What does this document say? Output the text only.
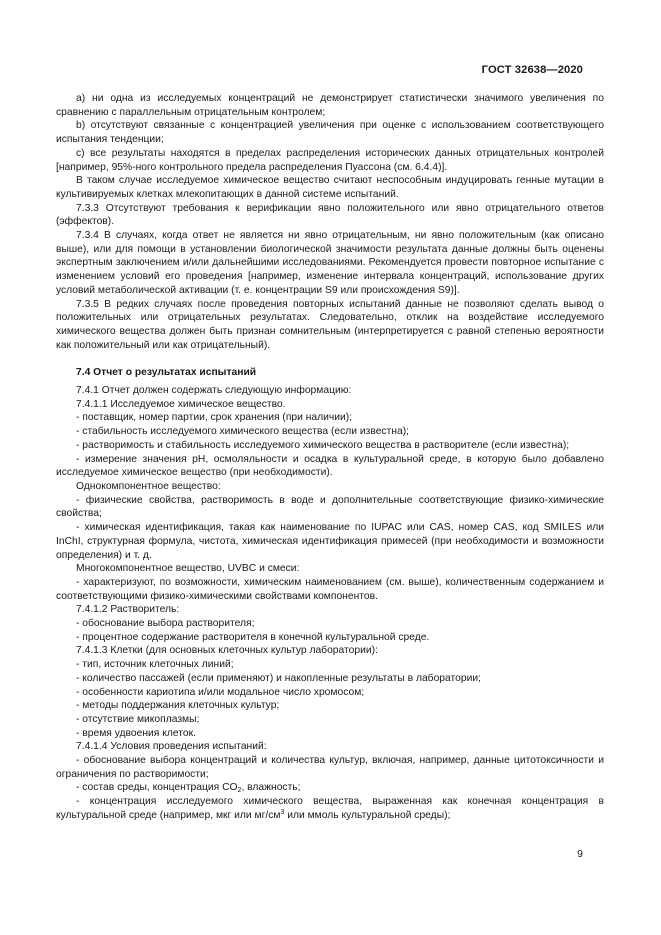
ГОСТ 32638—2020

а) ни одна из исследуемых концентраций не демонстрирует статистически значимого увеличения по сравнению с параллельным отрицательным контролем;

b) отсутствуют связанные с концентрацией увеличения при оценке с использованием соответствующего испытания тенденции;

с) все результаты находятся в пределах распределения исторических данных отрицательных контролей [например, 95%-ного контрольного предела распределения Пуассона (см. 6.4.4)].

В таком случае исследуемое химическое вещество считают неспособным индуцировать генные мутации в культивируемых клетках млекопитающих в данной системе испытаний.

7.3.3 Отсутствуют требования к верификации явно положительного или явно отрицательного ответов (эффектов).

7.3.4 В случаях, когда ответ не является ни явно отрицательным, ни явно положительным (как описано выше), или для помощи в установлении биологической значимости результата данные должны быть оценены экспертным заключением и/или дальнейшими исследованиями. Рекомендуется провести повторное испытание с изменением условий его проведения [например, изменение интервала концентраций, использование других условий метаболической активации (т. е. концентрации S9 или происхождения S9)].

7.3.5 В редких случаях после проведения повторных испытаний данные не позволяют сделать вывод о положительных или отрицательных результатах. Следовательно, отклик на воздействие исследуемого химического вещества должен быть признан сомнительным (интерпретируется с равной степенью вероятности как положительный или как отрицательный).

7.4 Отчет о результатах испытаний

7.4.1 Отчет должен содержать следующую информацию:

7.4.1.1 Исследуемое химическое вещество.

- поставщик, номер партии, срок хранения (при наличии);

- стабильность исследуемого химического вещества (если известна);

- растворимость и стабильность исследуемого химического вещества в растворителе (если известна);

- измерение значения pH, осмоляльности и осадка в культуральной среде, в которую было добавлено исследуемое химическое вещество (при необходимости).

Однокомпонентное вещество:

- физические свойства, растворимость в воде и дополнительные соответствующие физико-химические свойства;

- химическая идентификация, такая как наименование по IUPAC или CAS, номер CAS, код SMILES или InChI, структурная формула, чистота, химическая идентификация примесей (при необходимости и возможности определения) и т. д.

Многокомпонентное вещество, UVBC и смеси:

- характеризуют, по возможности, химическим наименованием (см. выше), количественным содержанием и соответствующими физико-химическими свойствами компонентов.

7.4.1.2 Растворитель:

- обоснование выбора растворителя;

- процентное содержание растворителя в конечной культуральной среде.

7.4.1.3 Клетки (для основных клеточных культур лаборатории):

- тип, источник клеточных линий;

- количество пассажей (если применяют) и накопленные результаты в лаборатории;

- особенности кариотипа и/или модальное число хромосом;

- методы поддержания клеточных культур;

- отсутствие микоплазмы;

- время удвоения клеток.

7.4.1.4 Условия проведения испытаний:

- обоснование выбора концентраций и количества культур, включая, например, данные цитотоксичности и ограничения по растворимости;

- состав среды, концентрация $CO_2$, влажность;

- концентрация исследуемого химического вещества, выраженная как конечная концентрация в культуральной среде (например, мкг или $мг/см^3$ или ммоль культуральной среды);

9
